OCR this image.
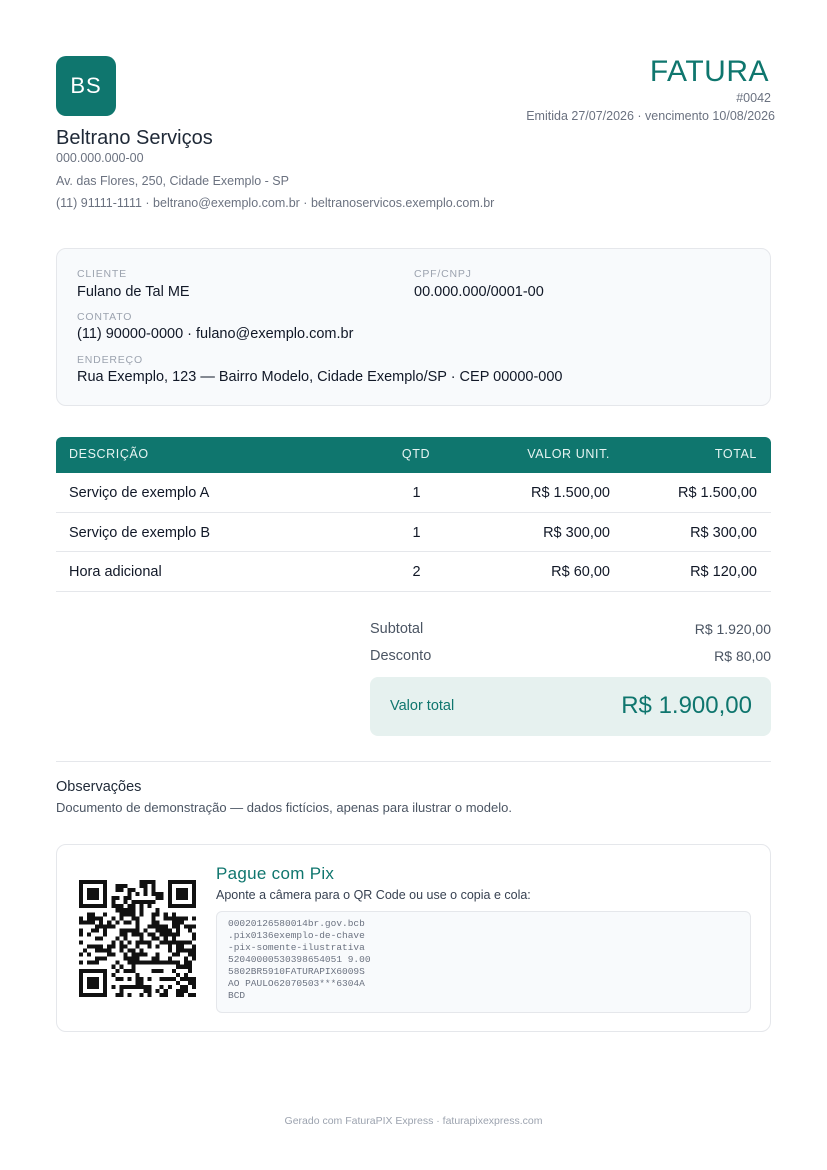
BS
Beltrano Serviços
000.000.000-00
Av. das Flores, 250, Cidade Exemplo - SP
(11) 91111-1111 · beltrano@exemplo.com.br · beltranoservicos.exemplo.com.br
FATURA
#0042
Emitida 27/07/2026 · vencimento 10/08/2026
CLIENTE
Fulano de Tal ME
CPF/CNPJ
00.000.000/0001-00
CONTATO
(11) 90000-0000 · fulano@exemplo.com.br
ENDEREÇO
Rua Exemplo, 123 — Bairro Modelo, Cidade Exemplo/SP · CEP 00000-000
DESCRIÇÃO	QTD	VALOR UNIT.	TOTAL
Serviço de exemplo A	1	R$ 1.500,00	R$ 1.500,00
Serviço de exemplo B	1	R$ 300,00	R$ 300,00
Hora adicional	2	R$ 60,00	R$ 120,00
Subtotal	R$ 1.920,00
Desconto	R$ 80,00
Valor total	R$ 1.900,00
Observações
Documento de demonstração — dados fictícios, apenas para ilustrar o modelo.
Pague com Pix
Aponte a câmera para o QR Code ou use o copia e cola:
00020126580014br.gov.bcb
.pix0136exemplo-de-chave
-pix-somente-ilustrativa
52040000530398654051 9.00
5802BR5910FATURAPIX6009S
AO PAULO62070503***6304A
BCD
Gerado com FaturaPIX Express · faturapixexpress.com
